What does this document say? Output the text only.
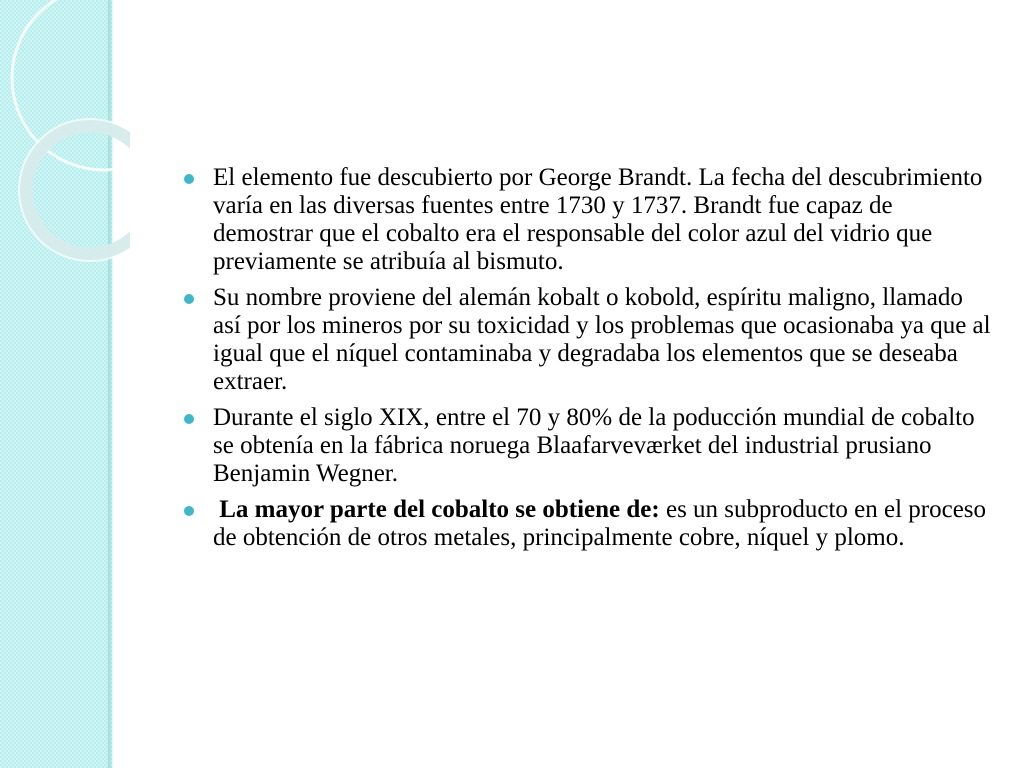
El elemento fue descubierto por George Brandt. La fecha del descubrimiento varía en las diversas fuentes entre 1730 y 1737. Brandt fue capaz de demostrar que el cobalto era el responsable del color azul del vidrio que previamente se atribuía al bismuto.
Su nombre proviene del alemán kobalt o kobold, espíritu maligno, llamado así por los mineros por su toxicidad y los problemas que ocasionaba ya que al igual que el níquel contaminaba y degradaba los elementos que se deseaba extraer.
Durante el siglo XIX, entre el 70 y 80% de la poducción mundial de cobalto se obtenía en la fábrica noruega Blaafarveværket del industrial prusiano Benjamin Wegner.
La mayor parte del cobalto se obtiene de: es un subproducto en el proceso de obtención de otros metales, principalmente cobre, níquel y plomo.
